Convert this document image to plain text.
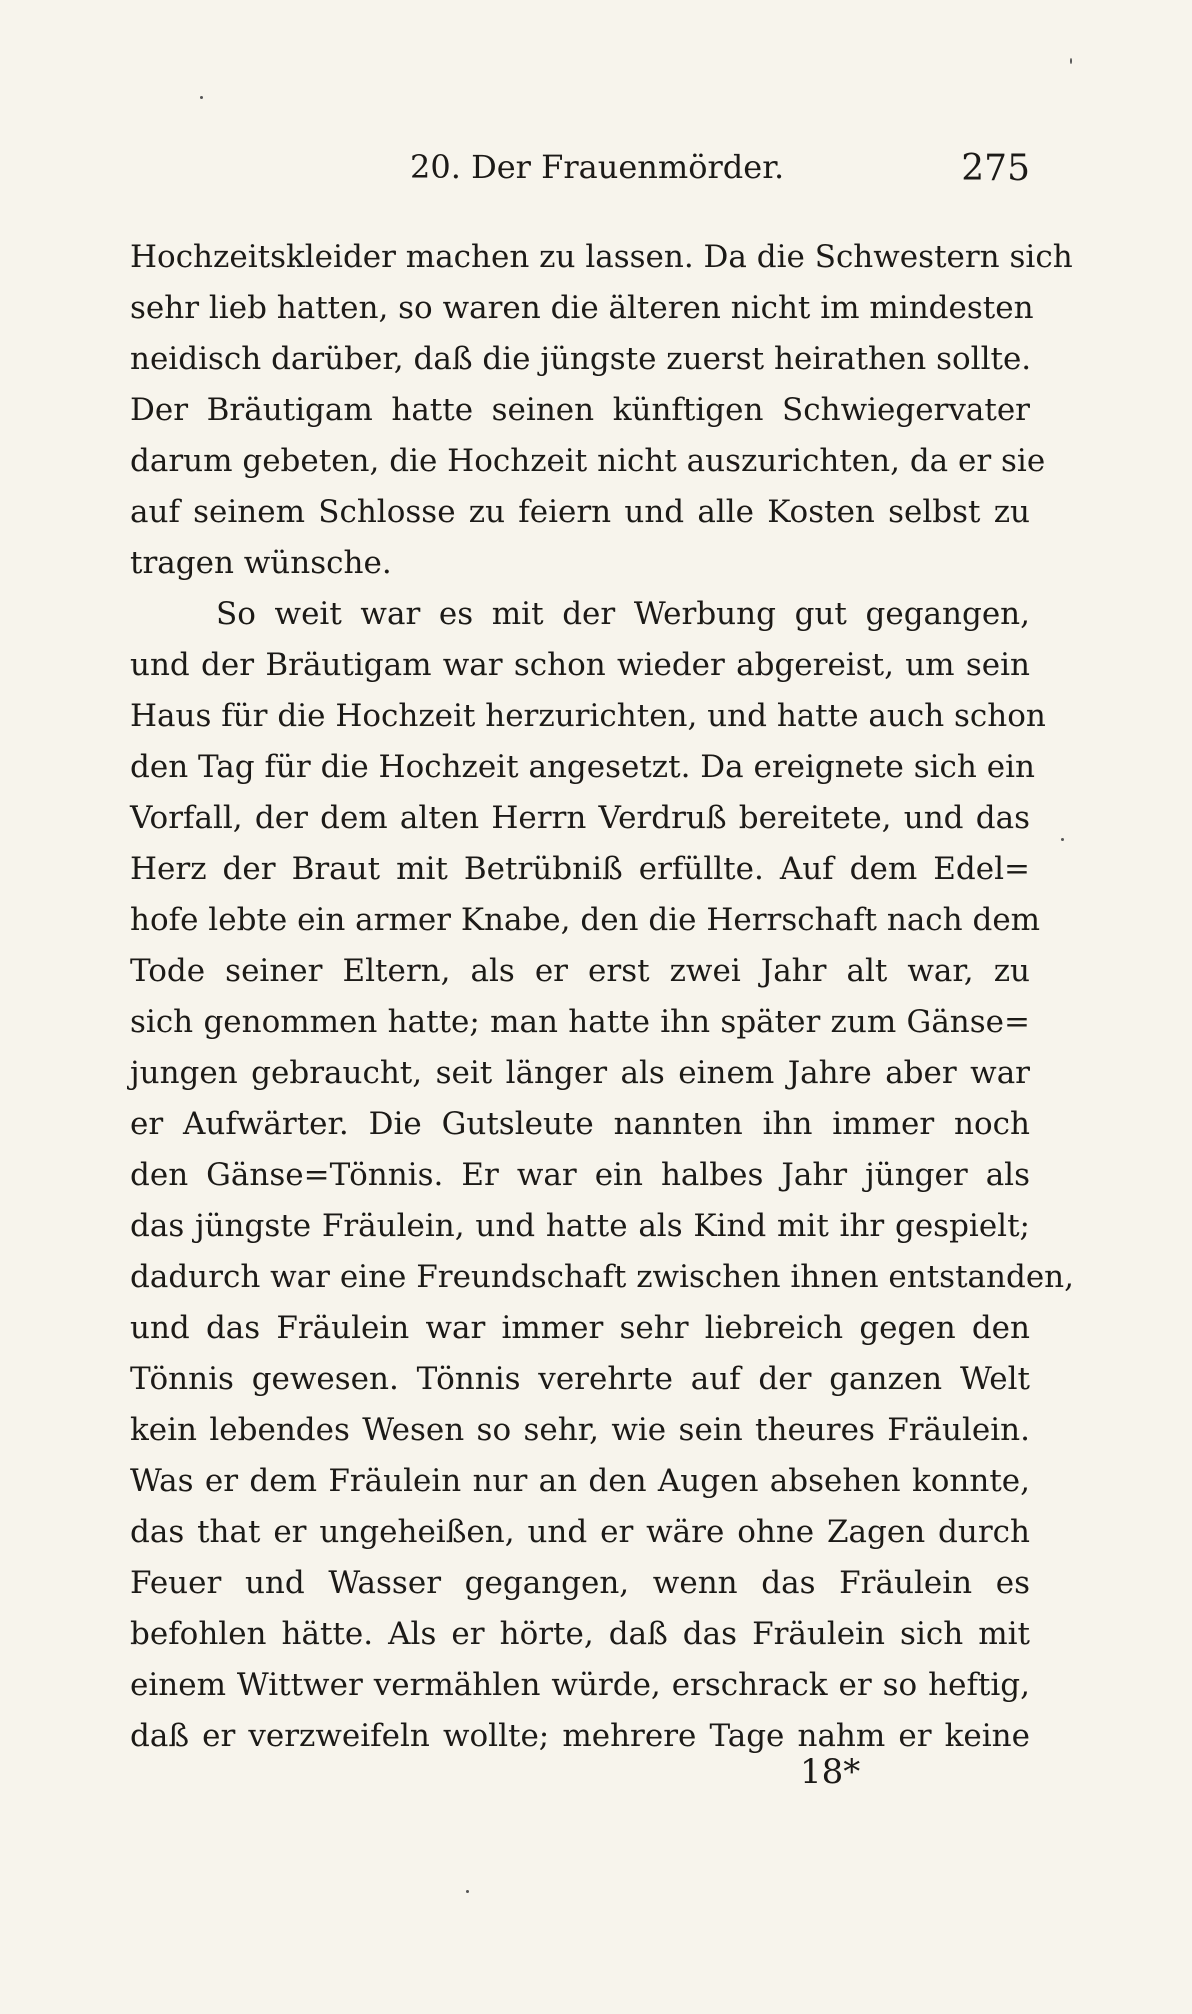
20. Der Frauenmörder.	275
Hochzeitskleider machen zu lassen. Da die Schwestern sich
sehr lieb hatten, so waren die älteren nicht im mindesten
neidisch darüber, daß die jüngste zuerst heirathen sollte.
Der Bräutigam hatte seinen künftigen Schwiegervater
darum gebeten, die Hochzeit nicht auszurichten, da er sie
auf seinem Schlosse zu feiern und alle Kosten selbst zu
tragen wünsche.
So weit war es mit der Werbung gut gegangen,
und der Bräutigam war schon wieder abgereist, um sein
Haus für die Hochzeit herzurichten, und hatte auch schon
den Tag für die Hochzeit angesetzt. Da ereignete sich ein
Vorfall, der dem alten Herrn Verdruß bereitete, und das
Herz der Braut mit Betrübniß erfüllte. Auf dem Edel=
hofe lebte ein armer Knabe, den die Herrschaft nach dem
Tode seiner Eltern, als er erst zwei Jahr alt war, zu
sich genommen hatte; man hatte ihn später zum Gänse=
jungen gebraucht, seit länger als einem Jahre aber war
er Aufwärter. Die Gutsleute nannten ihn immer noch
den Gänse=Tönnis. Er war ein halbes Jahr jünger als
das jüngste Fräulein, und hatte als Kind mit ihr gespielt;
dadurch war eine Freundschaft zwischen ihnen entstanden,
und das Fräulein war immer sehr liebreich gegen den
Tönnis gewesen. Tönnis verehrte auf der ganzen Welt
kein lebendes Wesen so sehr, wie sein theures Fräulein.
Was er dem Fräulein nur an den Augen absehen konnte,
das that er ungeheißen, und er wäre ohne Zagen durch
Feuer und Wasser gegangen, wenn das Fräulein es
befohlen hätte. Als er hörte, daß das Fräulein sich mit
einem Wittwer vermählen würde, erschrack er so heftig,
daß er verzweifeln wollte; mehrere Tage nahm er keine
18*
